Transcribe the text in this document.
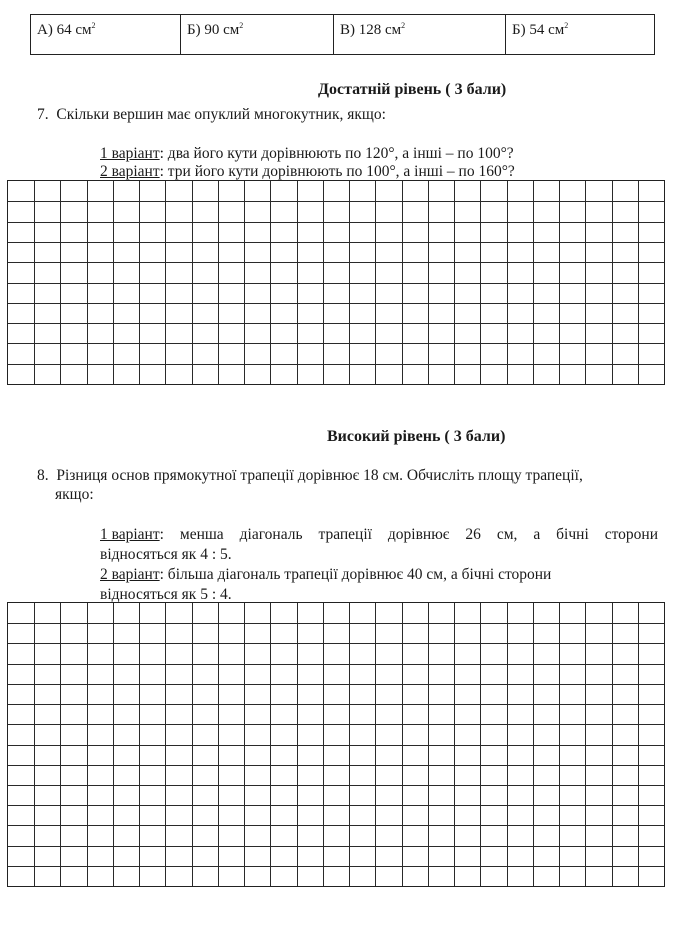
А) 64 $см^2$	Б) 90 $см^2$	В) 128 $см^2$	Б) 54 $см^2$
Достатній рівень ( 3 бали)
7. Скільки вершин має опуклий многокутник, якщо:
1 варіант: два його кути дорівнюють по 120°, а інші – по 100°?
2 варіант: три його кути дорівнюють по 100°, а інші – по 160°?
Високий рівень ( 3 бали)
8. Різниця основ прямокутної трапеції дорівнює 18 см. Обчисліть площу трапеції,
якщо:
1 варіант : менша діагональ трапеції дорівнює 26 см, а бічні сторони
відносяться як 4 : 5.
2 варіант: більша діагональ трапеції дорівнює 40 см, а бічні сторони
відносяться як 5 : 4.
